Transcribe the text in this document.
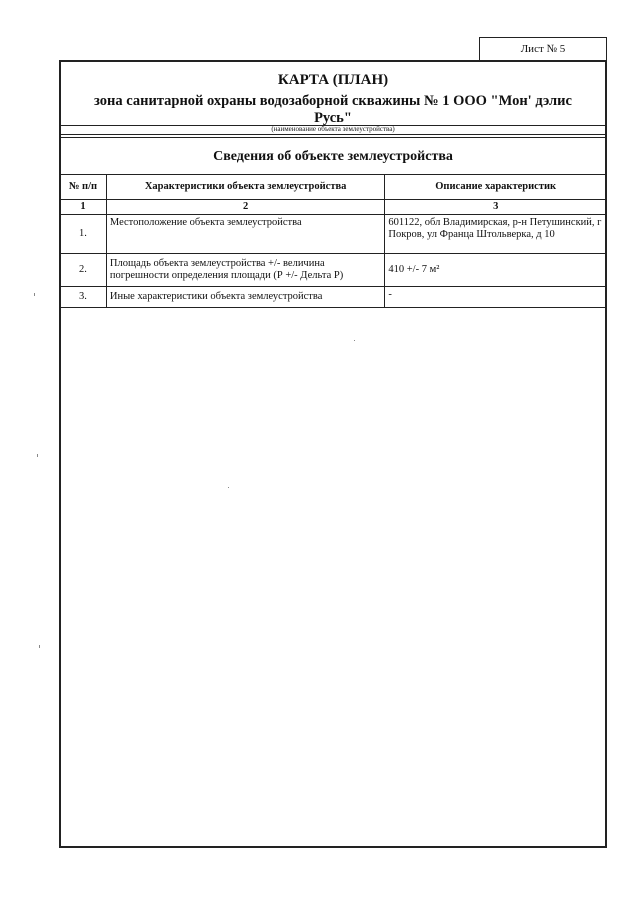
Лист № 5
КАРТА (ПЛАН)
зона санитарной охраны водозаборной скважины № 1 ООО "Мон' дэлис
Русь"
(наименование объекта землеустройства)
Сведения об объекте землеустройства
№ п/п	Характеристики объекта землеустройства	Описание характеристик
1	2	3
1.	Местоположение объекта землеустройства	601122, обл Владимирская, р-н Петушинский, г Покров, ул Франца Штольверка, д 10
2.	Площадь объекта землеустройства +/- величина погрешности определения площади (Р +/- Дельта Р)	410 +/- 7 м²
3.	Иные характеристики объекта землеустройства	-
